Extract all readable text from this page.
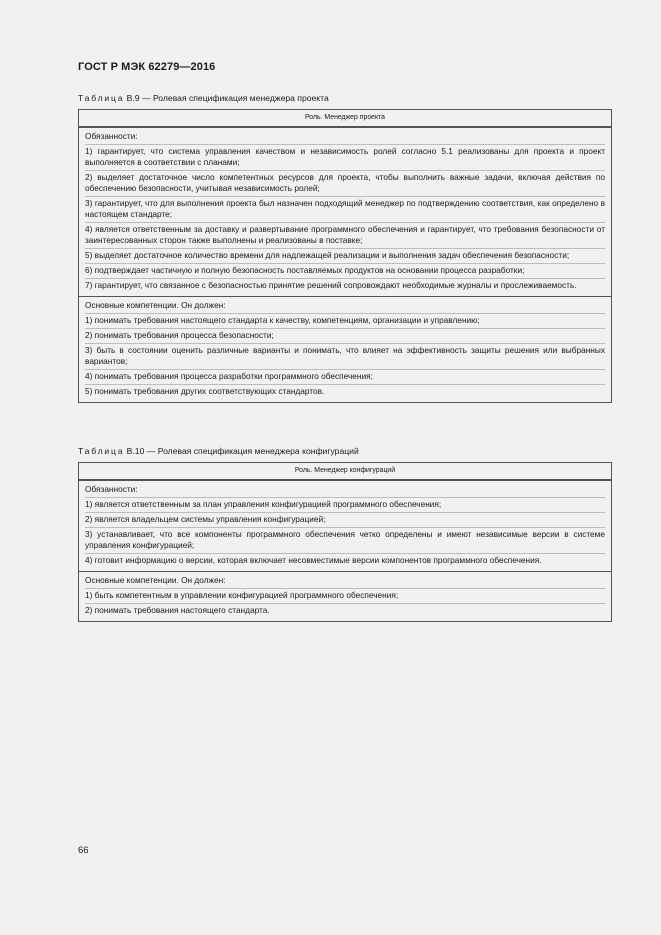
ГОСТ Р МЭК 62279—2016
Таблица В.9 — Ролевая спецификация менеджера проекта
Роль. Менеджер проекта
Обязанности:
1) гарантирует, что система управления качеством и независимость ролей согласно 5.1 реализованы для проекта и проект выполняется в соответствии с планами;
2) выделяет достаточное число компетентных ресурсов для проекта, чтобы выполнить важные задачи, включая действия по обеспечению безопасности, учитывая независимость ролей;
3) гарантирует, что для выполнения проекта был назначен подходящий менеджер по подтверждению соответствия, как определено в настоящем стандарте;
4) является ответственным за доставку и развертывание программного обеспечения и гарантирует, что требования безопасности от заинтересованных сторон также выполнены и реализованы в поставке;
5) выделяет достаточное количество времени для надлежащей реализации и выполнения задач обеспечения безопасности;
6) подтверждает частичную и полную безопасность поставляемых продуктов на основании процесса разработки;
7) гарантирует, что связанное с безопасностью принятие решений сопровождают необходимые журналы и прослеживаемость.
Основные компетенции. Он должен:
1) понимать требования настоящего стандарта к качеству, компетенциям, организации и управлению;
2) понимать требования процесса безопасности;
3) быть в состоянии оценить различные варианты и понимать, что влияет на эффективность защиты решения или выбранных вариантов;
4) понимать требования процесса разработки программного обеспечения;
5) понимать требования других соответствующих стандартов.
Таблица В.10 — Ролевая спецификация менеджера конфигураций
Роль. Менеджер конфигураций
Обязанности:
1) является ответственным за план управления конфигурацией программного обеспечения;
2) является владельцем системы управления конфигурацией;
3) устанавливает, что все компоненты программного обеспечения четко определены и имеют независимые версии в системе управления конфигурацией;
4) готовит информацию о версии, которая включает несовместимые версии компонентов программного обеспечения.
Основные компетенции. Он должен:
1) быть компетентным в управлении конфигурацией программного обеспечения;
2) понимать требования настоящего стандарта.
66
